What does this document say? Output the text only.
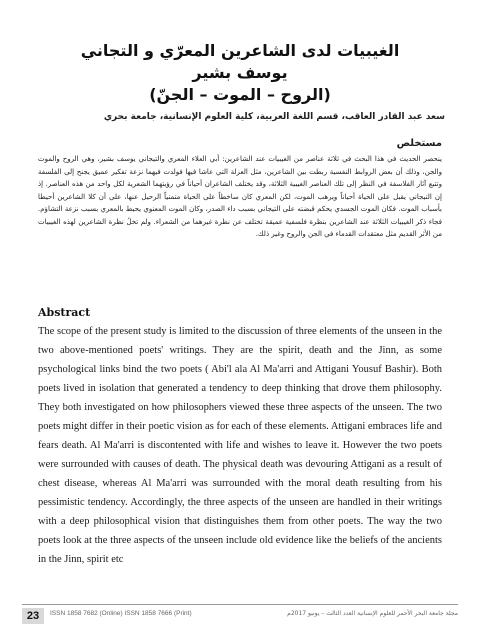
الغيبيات لدى الشاعرين المعرّي و التجاني يوسف بشير
(الروح – الموت – الجنّ)
سعد عبد القادر العاقب، قسم اللغة العربية، كلية العلوم الإنسانية، جامعة بحري
مستخلص
ينحصر الحديث في هذا البحث في ثلاثة عناصر من الغيبيات عند الشاعرين: أبي العلاء المعري والتيجاني يوسف بشير، وهي الروح والموت والجن، وذلك أن بعض الروابط النفسية ربطت بين الشاعرين، مثل العزلة التي عاشا فيها فولدت فيهما نزعة تفكير عميق يجنح إلى الفلسفة وتتبع آثار الفلاسفة في النظر إلى تلك العناصر الغيبية الثلاثة، وقد يختلف الشاعران أحياناً في رؤيتهما الشعرية لكل واحد من هذه العناصر. إذ إن التيجاني يقبل على الحياة أحياناً ويرهب الموت، لكن المعري كان ساخطاً على الحياة متمنياً الرحيل عنها، على أن كلا الشاعرين أحيطا بأسباب الموت. فكان الموت الجسدي يحكم قبضته على التيجاني بسبب داء الصدر، وكان الموت المعنوي يحيط بالمعري بسبب نزعة التشاؤم. فجاء ذكر الغيبيات الثلاثة عند الشاعرين بنظرة فلسفية عميقة تختلف عن نظرة غيرهما من الشعراء. ولم تخلُ نظرة الشاعرين لهذه الغيبيات من الأثر القديم مثل معتقدات القدماء في الجن والروح وغير ذلك.
Abstract
The scope of the present study is limited to the discussion of three elements of the unseen in the two above-mentioned poets' writings. They are the spirit, death and the Jinn, as some psychological links bind the two poets ( Abi'l ala Al Ma'arri and Attigani Yousuf Bashir). Both poets lived in isolation that generated a tendency to deep thinking that drove them philosophy. They both investigated on how philosophers viewed these three aspects of the unseen. The two poets might differ in their poetic vision as for each of these elements. Attigani embraces life and fears death. Al Ma'arri is discontented with life and wishes to leave it. However the two poets were surrounded with causes of death. The physical death was devouring Attigani as a result of chest disease, whereas Al Ma'arri was surrounded with the moral death resulting from his pessimistic tendency. Accordingly, the three aspects of the unseen are handled in their writings with a deep philosophical vision that distinguishes them from other poets. The way the two poets look at the three aspects of the unseen include old evidence like the beliefs of the ancients in the Jinn, spirit etc
23	ISSN 1858 7682 (Online) ISSN 1858 7666 (Print)	مجلة جامعة البحر الأحمر للعلوم الإنسانية العدد الثالث – يونيو 2017م
